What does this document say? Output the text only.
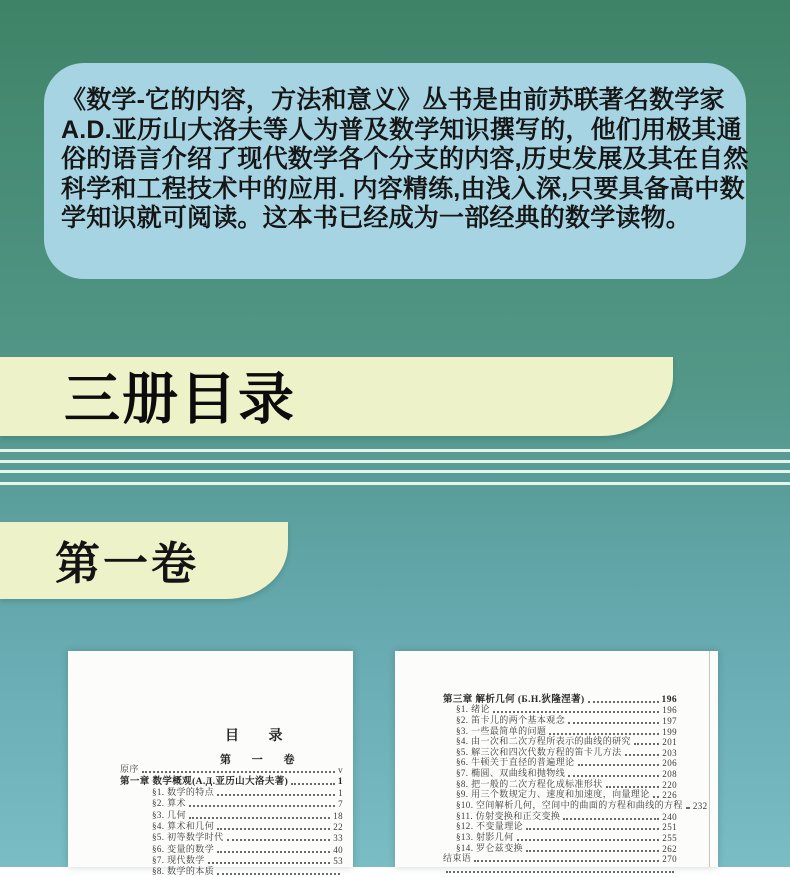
《数学-它的内容，方法和意义》丛书是由前苏联著名数学家
A.D.亚历山大洛夫等人为普及数学知识撰写的，他们用极其通
俗的语言介绍了现代数学各个分支的内容,历史发展及其在自然
科学和工程技术中的应用. 内容精练,由浅入深,只要具备高中数
学知识就可阅读。这本书已经成为一部经典的数学读物。
三册目录
第一卷
目 录
第 一 卷
原序	v
第一章 数学概观(А.Д.亚历山大洛夫著)	1
§1. 数学的特点	1
§2. 算术	7
§3. 几何	18
§4. 算术和几何	22
§5. 初等数学时代	33
§6. 变量的数学	40
§7. 现代数学	53
§8. 数学的本质
第三章 解析几何 (Б.Н.狄隆涅著)	196
§1. 绪论	196
§2. 笛卡儿的两个基本观念	197
§3. 一些最简单的问题	199
§4. 由一次和二次方程所表示的曲线的研究	201
§5. 解三次和四次代数方程的笛卡儿方法	203
§6. 牛顿关于直径的普遍理论	206
§7. 椭圆、双曲线和抛物线	208
§8. 把一般的二次方程化成标准形状	220
§9. 用三个数规定力、速度和加速度，向量理论 226
§10. 空间解析几何，空间中的曲面的方程和曲线的方程 232
§11. 仿射变换和正交变换	240
§12. 不变量理论	251
§13. 射影几何	255
§14. 罗仑兹变换	262
结束语	270
